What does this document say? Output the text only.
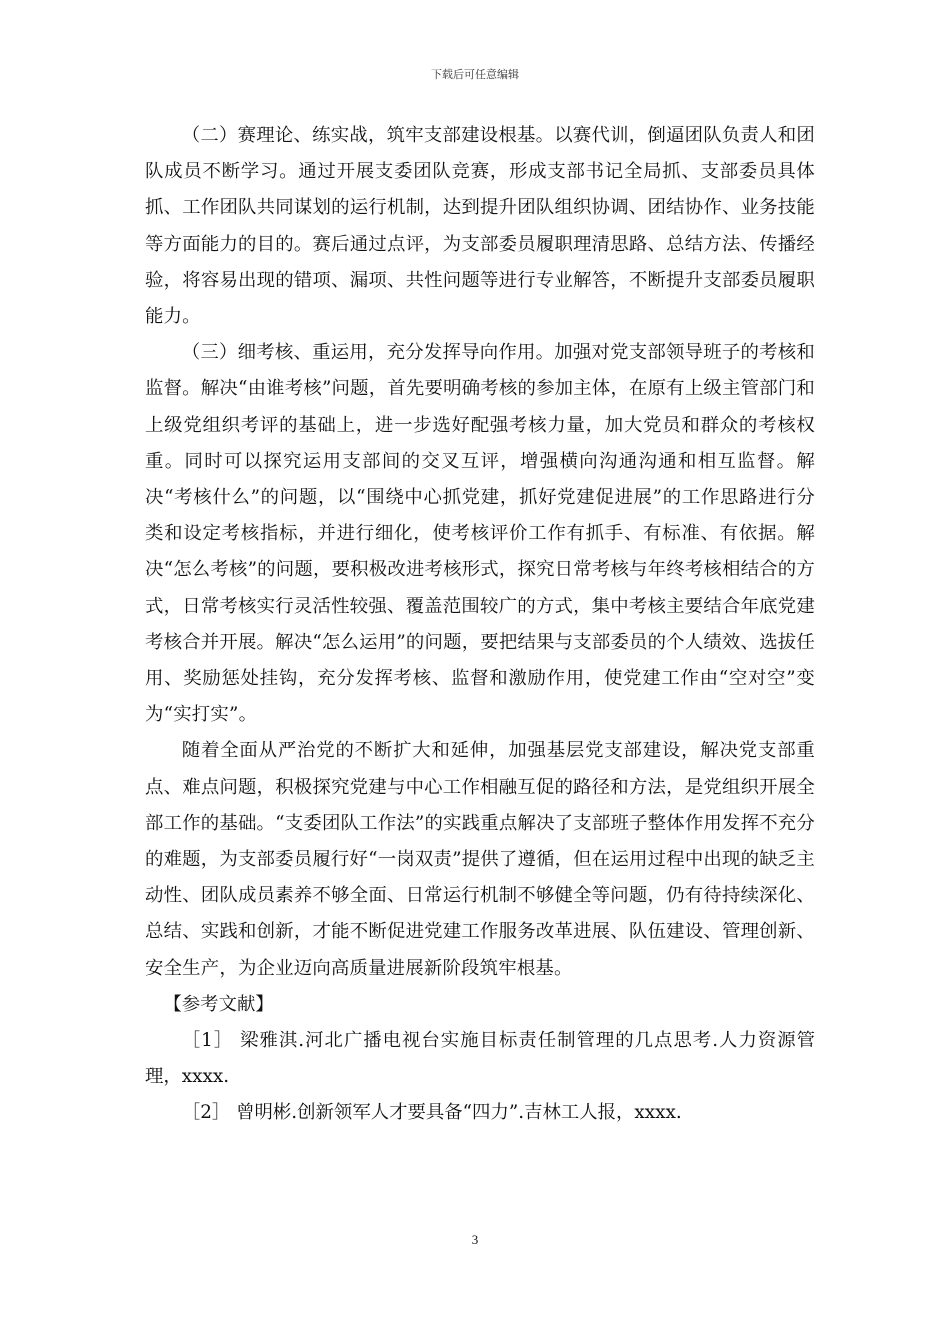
下载后可任意编辑

（二）赛理论、练实战，筑牢支部建设根基。以赛代训，倒逼团队负责人和团队成员不断学习。通过开展支委团队竞赛，形成支部书记全局抓、支部委员具体抓、工作团队共同谋划的运行机制，达到提升团队组织协调、团结协作、业务技能等方面能力的目的。赛后通过点评，为支部委员履职理清思路、总结方法、传播经验，将容易出现的错项、漏项、共性问题等进行专业解答，不断提升支部委员履职能力。

（三）细考核、重运用，充分发挥导向作用。加强对党支部领导班子的考核和监督。解决“由谁考核”问题，首先要明确考核的参加主体，在原有上级主管部门和上级党组织考评的基础上，进一步选好配强考核力量，加大党员和群众的考核权重。同时可以探究运用支部间的交叉互评，增强横向沟通沟通和相互监督。解决“考核什么”的问题，以“围绕中心抓党建，抓好党建促进展”的工作思路进行分类和设定考核指标，并进行细化，使考核评价工作有抓手、有标准、有依据。解决“怎么考核”的问题，要积极改进考核形式，探究日常考核与年终考核相结合的方式，日常考核实行灵活性较强、覆盖范围较广的方式，集中考核主要结合年底党建考核合并开展。解决“怎么运用”的问题，要把结果与支部委员的个人绩效、选拔任用、奖励惩处挂钩，充分发挥考核、监督和激励作用，使党建工作由“空对空”变为“实打实”。

随着全面从严治党的不断扩大和延伸，加强基层党支部建设，解决党支部重点、难点问题，积极探究党建与中心工作相融互促的路径和方法，是党组织开展全部工作的基础。“支委团队工作法”的实践重点解决了支部班子整体作用发挥不充分的难题，为支部委员履行好“一岗双责”提供了遵循，但在运用过程中出现的缺乏主动性、团队成员素养不够全面、日常运行机制不够健全等问题，仍有待持续深化、总结、实践和创新，才能不断促进党建工作服务改革进展、队伍建设、管理创新、安全生产，为企业迈向高质量进展新阶段筑牢根基。

【参考文献】

［1］ 梁雅淇.河北广播电视台实施目标责任制管理的几点思考.人力资源管理，xxxx.

［2］ 曾明彬.创新领军人才要具备“四力”.吉林工人报，xxxx.

3
